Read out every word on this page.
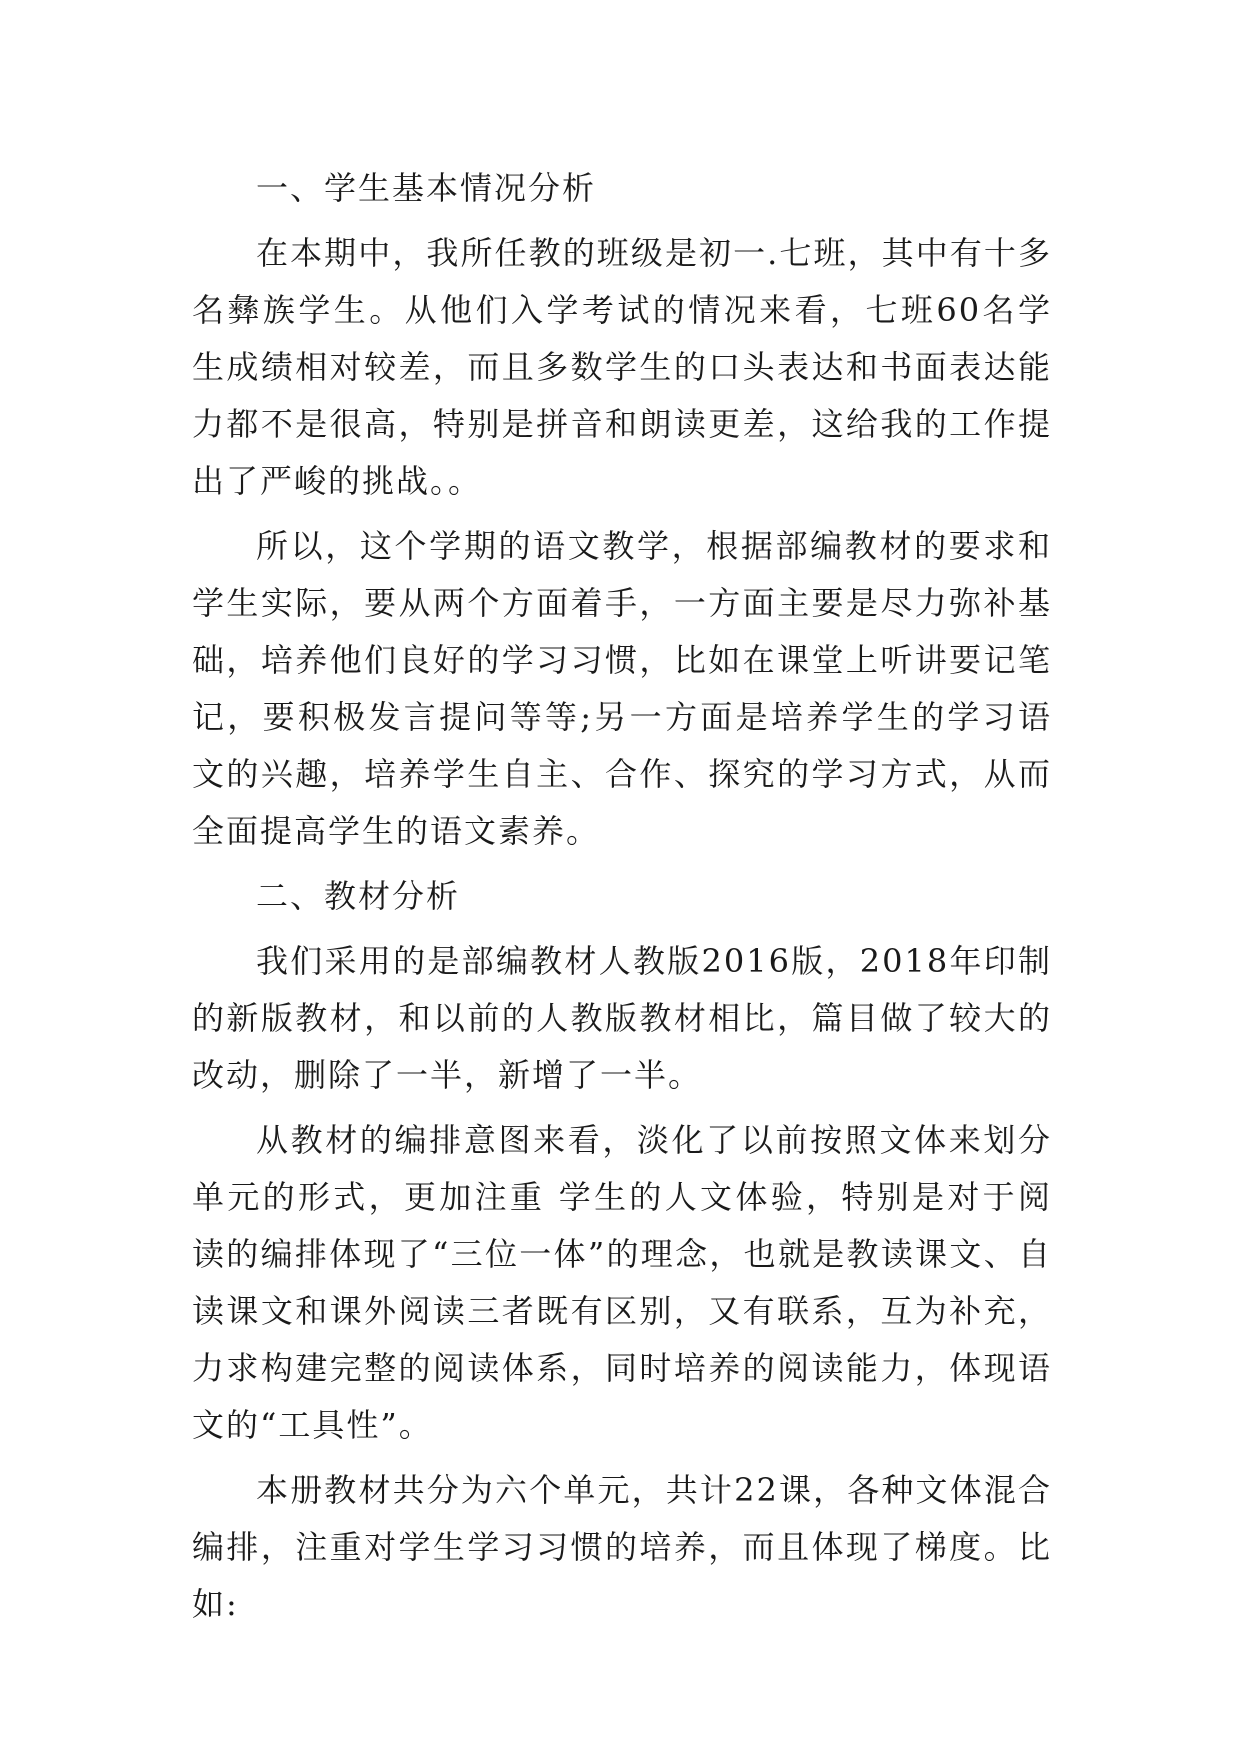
一、学生基本情况分析

在本期中，我所任教的班级是初一.七班，其中有十多名彝族学生。从他们入学考试的情况来看，七班60名学生成绩相对较差，而且多数学生的口头表达和书面表达能力都不是很高，特别是拼音和朗读更差，这给我的工作提出了严峻的挑战。。

所以，这个学期的语文教学，根据部编教材的要求和学生实际，要从两个方面着手，一方面主要是尽力弥补基础，培养他们良好的学习习惯，比如在课堂上听讲要记笔记，要积极发言提问等等;另一方面是培养学生的学习语文的兴趣，培养学生自主、合作、探究的学习方式，从而全面提高学生的语文素养。

二、教材分析

我们采用的是部编教材人教版2016版，2018年印制的新版教材，和以前的人教版教材相比，篇目做了较大的改动，删除了一半，新增了一半。

从教材的编排意图来看，淡化了以前按照文体来划分单元的形式，更加注重 学生的人文体验，特别是对于阅读的编排体现了“三位一体”的理念，也就是教读课文、自读课文和课外阅读三者既有区别，又有联系，互为补充，力求构建完整的阅读体系，同时培养的阅读能力，体现语文的“工具性”。

本册教材共分为六个单元，共计22课，各种文体混合编排，注重对学生学习习惯的培养，而且体现了梯度。比如:
